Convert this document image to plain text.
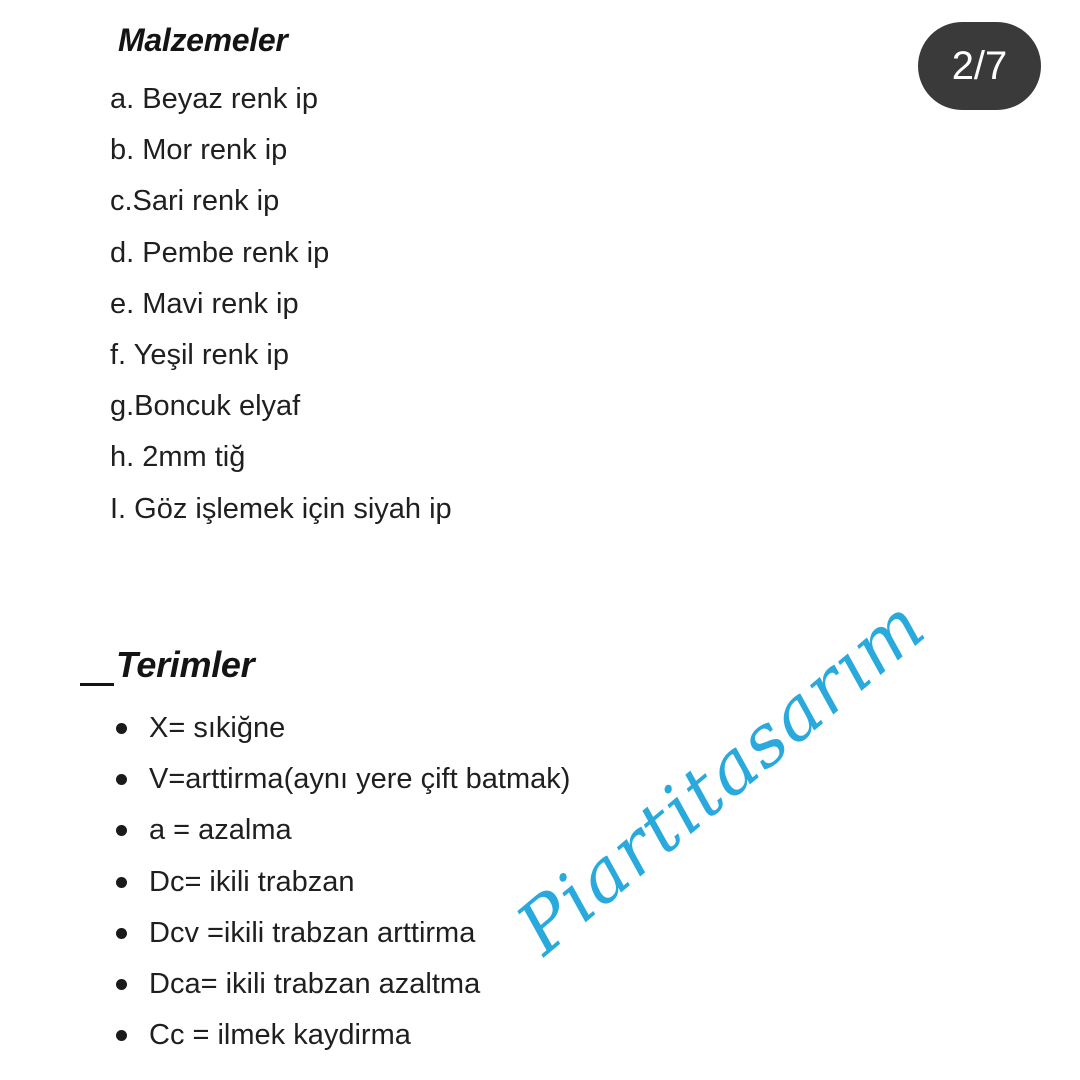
Malzemeler
a. Beyaz renk ip
b. Mor renk ip
c.Sari renk ip
d. Pembe renk ip
e. Mavi renk ip
f. Yeşil renk ip
g.Boncuk elyaf
h. 2mm tiğ
I. Göz işlemek için siyah ip
2/7
Terimler
X= sıkiğne
V=arttirma(aynı yere çift batmak)
a = azalma
Dc= ikili trabzan
Dcv =ikili trabzan arttirma
Dca= ikili trabzan azaltma
Cc = ilmek kaydirma
Piartitasarım
